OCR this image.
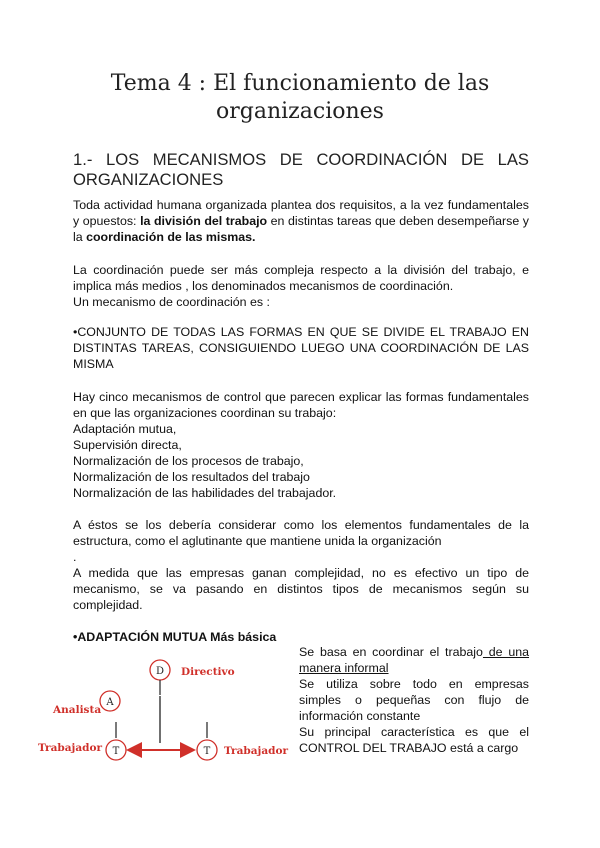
Tema 4 : El funcionamiento de las
organizaciones
1.- LOS MECANISMOS DE COORDINACIÓN DE LAS ORGANIZACIONES
Toda actividad humana organizada plantea dos requisitos, a la vez fundamentales y opuestos: la división del trabajo en distintas tareas que deben desempeñarse y la coordinación de las mismas.
La coordinación puede ser más compleja respecto a la división del trabajo, e implica más medios , los denominados mecanismos de coordinación.
Un mecanismo de coordinación es :
•CONJUNTO DE TODAS LAS FORMAS EN QUE SE DIVIDE EL TRABAJO EN DISTINTAS TAREAS, CONSIGUIENDO LUEGO UNA COORDINACIÓN DE LAS MISMA
Hay cinco mecanismos de control que parecen explicar las formas fundamentales en que las organizaciones coordinan su trabajo:
Adaptación mutua,
Supervisión directa,
Normalización de los procesos de trabajo,
Normalización de los resultados del trabajo
Normalización de las habilidades del trabajador.
A éstos se los debería considerar como los elementos fundamentales de la estructura, como el aglutinante que mantiene unida la organización
.
A medida que las empresas ganan complejidad, no es efectivo un tipo de mecanismo, se va pasando en distintos tipos de mecanismos según su complejidad.
•ADAPTACIÓN MUTUA Más básica
Se basa en coordinar el trabajo de una manera informal
Se utiliza sobre todo en empresas simples o pequeñas con flujo de información constante
Su principal característica es que el CONTROL DEL TRABAJO está a cargo
D Directivo
A
Analista
T	T
Trabajador	Trabajador
